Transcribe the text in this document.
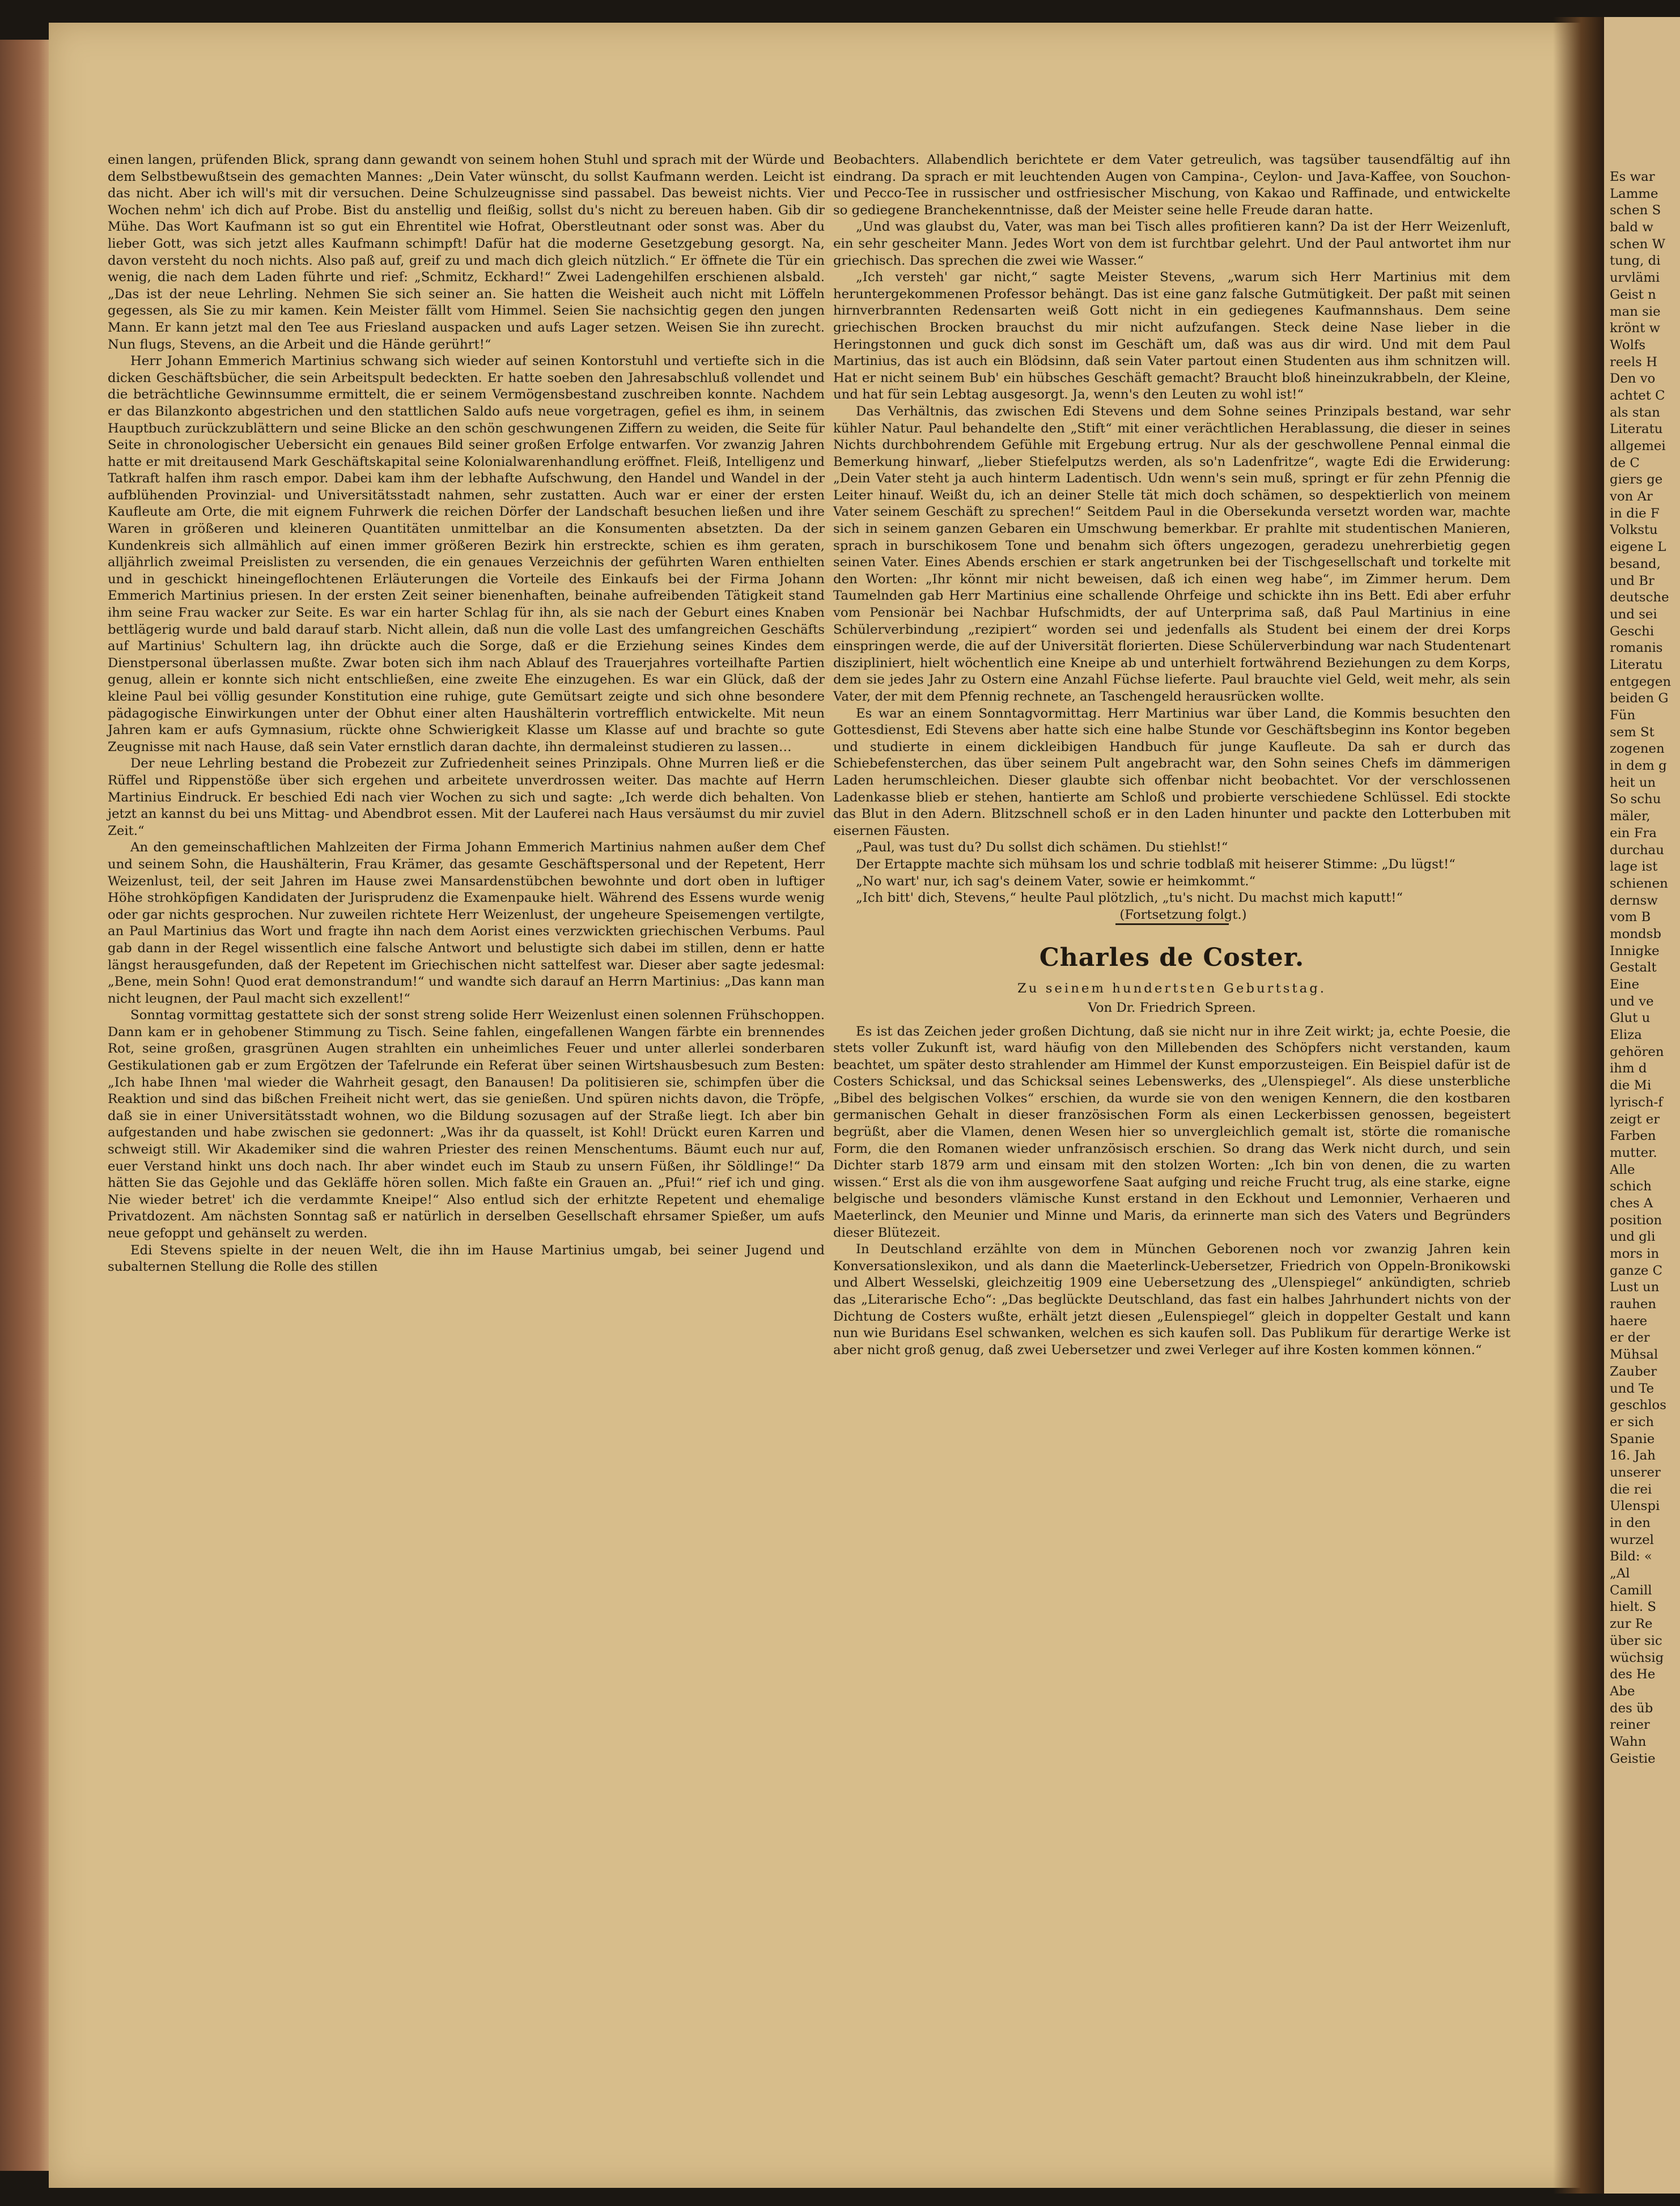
Es war
Lamme
schen S
bald w
schen W
tung, di
urvlämi
Geist n
man sie
krönt w
Wolfs
reels H
Den vo
achtet C
als stan
Literatu
allgemei
de C
giers ge
von Ar
in die F
Volkstu
eigene L
besand,
und Br
deutsche
und sei
Geschi
romanis
Literatu
entgegen
beiden G
Fün
sem St
zogenen
in dem g
heit un
So schu
mäler,
ein Fra
durchau
lage ist
schienen
dernsw
vom B
mondsb
Innigke
Gestalt
Eine
und ve
Glut u
Eliza
gehören
ihm d
die Mi
lyrisch-f
zeigt er
Farben
mutter.
Alle
schich
ches A
position
und gli
mors in
ganze C
Lust un
rauhen
haere
er der
Mühsal
Zauber
und Te
geschlos
er sich
Spanie
16. Jah
unserer
die rei
Ulenspi
in den
wurzel
Bild: «
„Al
Camill
hielt. S
zur Re
über sic
wüchsig
des He
Abe
des üb
reiner
Wahn
Geistie

einen langen, prüfenden Blick, sprang dann gewandt von seinem hohen Stuhl und sprach mit der Würde und dem Selbstbewußtsein des gemachten Mannes: „Dein Vater wünscht, du sollst Kaufmann werden. Leicht ist das nicht. Aber ich will's mit dir versuchen. Deine Schulzeugnisse sind passabel. Das beweist nichts. Vier Wochen nehm' ich dich auf Probe. Bist du anstellig und fleißig, sollst du's nicht zu bereuen haben. Gib dir Mühe. Das Wort Kaufmann ist so gut ein Ehrentitel wie Hofrat, Oberstleutnant oder sonst was. Aber du lieber Gott, was sich jetzt alles Kaufmann schimpft! Dafür hat die moderne Gesetzgebung gesorgt. Na, davon versteht du noch nichts. Also paß auf, greif zu und mach dich gleich nützlich.“ Er öffnete die Tür ein wenig, die nach dem Laden führte und rief: „Schmitz, Eckhard!“ Zwei Ladengehilfen erschienen alsbald. „Das ist der neue Lehrling. Nehmen Sie sich seiner an. Sie hatten die Weisheit auch nicht mit Löffeln gegessen, als Sie zu mir kamen. Kein Meister fällt vom Himmel. Seien Sie nachsichtig gegen den jungen Mann. Er kann jetzt mal den Tee aus Friesland auspacken und aufs Lager setzen. Weisen Sie ihn zurecht. Nun flugs, Stevens, an die Arbeit und die Hände gerührt!“

Herr Johann Emmerich Martinius schwang sich wieder auf seinen Kontorstuhl und vertiefte sich in die dicken Geschäftsbücher, die sein Arbeitspult bedeckten. Er hatte soeben den Jahresabschluß vollendet und die beträchtliche Gewinnsumme ermittelt, die er seinem Vermögensbestand zuschreiben konnte. Nachdem er das Bilanzkonto abgestrichen und den stattlichen Saldo aufs neue vorgetragen, gefiel es ihm, in seinem Hauptbuch zurückzublättern und seine Blicke an den schön geschwungenen Ziffern zu weiden, die Seite für Seite in chronologischer Uebersicht ein genaues Bild seiner großen Erfolge entwarfen. Vor zwanzig Jahren hatte er mit dreitausend Mark Geschäftskapital seine Kolonialwarenhandlung eröffnet. Fleiß, Intelligenz und Tatkraft halfen ihm rasch empor. Dabei kam ihm der lebhafte Aufschwung, den Handel und Wandel in der aufblühenden Provinzial- und Universitätsstadt nahmen, sehr zustatten. Auch war er einer der ersten Kaufleute am Orte, die mit eignem Fuhrwerk die reichen Dörfer der Landschaft besuchen ließen und ihre Waren in größeren und kleineren Quantitäten unmittelbar an die Konsumenten absetzten. Da der Kundenkreis sich allmählich auf einen immer größeren Bezirk hin erstreckte, schien es ihm geraten, alljährlich zweimal Preislisten zu versenden, die ein genaues Verzeichnis der geführten Waren enthielten und in geschickt hineingeflochtenen Erläuterungen die Vorteile des Einkaufs bei der Firma Johann Emmerich Martinius priesen. In der ersten Zeit seiner bienenhaften, beinahe aufreibenden Tätigkeit stand ihm seine Frau wacker zur Seite. Es war ein harter Schlag für ihn, als sie nach der Geburt eines Knaben bettlägerig wurde und bald darauf starb. Nicht allein, daß nun die volle Last des umfangreichen Geschäfts auf Martinius' Schultern lag, ihn drückte auch die Sorge, daß er die Erziehung seines Kindes dem Dienstpersonal überlassen mußte. Zwar boten sich ihm nach Ablauf des Trauerjahres vorteilhafte Partien genug, allein er konnte sich nicht entschließen, eine zweite Ehe einzugehen. Es war ein Glück, daß der kleine Paul bei völlig gesunder Konstitution eine ruhige, gute Gemütsart zeigte und sich ohne besondere pädagogische Einwirkungen unter der Obhut einer alten Haushälterin vortrefflich entwickelte. Mit neun Jahren kam er aufs Gymnasium, rückte ohne Schwierigkeit Klasse um Klasse auf und brachte so gute Zeugnisse mit nach Hause, daß sein Vater ernstlich daran dachte, ihn dermaleinst studieren zu lassen…

Der neue Lehrling bestand die Probezeit zur Zufriedenheit seines Prinzipals. Ohne Murren ließ er die Rüffel und Rippenstöße über sich ergehen und arbeitete unverdrossen weiter. Das machte auf Herrn Martinius Eindruck. Er beschied Edi nach vier Wochen zu sich und sagte: „Ich werde dich behalten. Von jetzt an kannst du bei uns Mittag- und Abendbrot essen. Mit der Lauferei nach Haus versäumst du mir zuviel Zeit.“

An den gemeinschaftlichen Mahlzeiten der Firma Johann Emmerich Martinius nahmen außer dem Chef und seinem Sohn, die Haushälterin, Frau Krämer, das gesamte Geschäftspersonal und der Repetent, Herr Weizenlust, teil, der seit Jahren im Hause zwei Mansardenstübchen bewohnte und dort oben in luftiger Höhe strohköpfigen Kandidaten der Jurisprudenz die Examenpauke hielt. Während des Essens wurde wenig oder gar nichts gesprochen. Nur zuweilen richtete Herr Weizenlust, der ungeheure Speisemengen vertilgte, an Paul Martinius das Wort und fragte ihn nach dem Aorist eines verzwickten griechischen Verbums. Paul gab dann in der Regel wissentlich eine falsche Antwort und belustigte sich dabei im stillen, denn er hatte längst herausgefunden, daß der Repetent im Griechischen nicht sattelfest war. Dieser aber sagte jedesmal: „Bene, mein Sohn! Quod erat demonstrandum!“ und wandte sich darauf an Herrn Martinius: „Das kann man nicht leugnen, der Paul macht sich exzellent!“

Sonntag vormittag gestattete sich der sonst streng solide Herr Weizenlust einen solennen Frühschoppen. Dann kam er in gehobener Stimmung zu Tisch. Seine fahlen, eingefallenen Wangen färbte ein brennendes Rot, seine großen, grasgrünen Augen strahlten ein unheimliches Feuer und unter allerlei sonderbaren Gestikulationen gab er zum Ergötzen der Tafelrunde ein Referat über seinen Wirtshausbesuch zum Besten: „Ich habe Ihnen 'mal wieder die Wahrheit gesagt, den Banausen! Da politisieren sie, schimpfen über die Reaktion und sind das bißchen Freiheit nicht wert, das sie genießen. Und spüren nichts davon, die Tröpfe, daß sie in einer Universitätsstadt wohnen, wo die Bildung sozusagen auf der Straße liegt. Ich aber bin aufgestanden und habe zwischen sie gedonnert: „Was ihr da quasselt, ist Kohl! Drückt euren Karren und schweigt still. Wir Akademiker sind die wahren Priester des reinen Menschentums. Bäumt euch nur auf, euer Verstand hinkt uns doch nach. Ihr aber windet euch im Staub zu unsern Füßen, ihr Söldlinge!“ Da hätten Sie das Gejohle und das Gekläffe hören sollen. Mich faßte ein Grauen an. „Pfui!“ rief ich und ging. Nie wieder betret' ich die verdammte Kneipe!“ Also entlud sich der erhitzte Repetent und ehemalige Privatdozent. Am nächsten Sonntag saß er natürlich in derselben Gesellschaft ehrsamer Spießer, um aufs neue gefoppt und gehänselt zu werden.

Edi Stevens spielte in der neuen Welt, die ihn im Hause Martinius umgab, bei seiner Jugend und subalternen Stellung die Rolle des stillen

Beobachters. Allabendlich berichtete er dem Vater getreulich, was tagsüber tausendfältig auf ihn eindrang. Da sprach er mit leuchtenden Augen von Campina-, Ceylon- und Java-Kaffee, von Souchon- und Pecco-Tee in russischer und ostfriesischer Mischung, von Kakao und Raffinade, und entwickelte so gediegene Branchekenntnisse, daß der Meister seine helle Freude daran hatte.

„Und was glaubst du, Vater, was man bei Tisch alles profitieren kann? Da ist der Herr Weizenluft, ein sehr gescheiter Mann. Jedes Wort von dem ist furchtbar gelehrt. Und der Paul antwortet ihm nur griechisch. Das sprechen die zwei wie Wasser.“

„Ich versteh' gar nicht,“ sagte Meister Stevens, „warum sich Herr Martinius mit dem heruntergekommenen Professor behängt. Das ist eine ganz falsche Gutmütigkeit. Der paßt mit seinen hirnverbrannten Redensarten weiß Gott nicht in ein gediegenes Kaufmannshaus. Dem seine griechischen Brocken brauchst du mir nicht aufzufangen. Steck deine Nase lieber in die Heringstonnen und guck dich sonst im Geschäft um, daß was aus dir wird. Und mit dem Paul Martinius, das ist auch ein Blödsinn, daß sein Vater partout einen Studenten aus ihm schnitzen will. Hat er nicht seinem Bub' ein hübsches Geschäft gemacht? Braucht bloß hineinzukrabbeln, der Kleine, und hat für sein Lebtag ausgesorgt. Ja, wenn's den Leuten zu wohl ist!“

Das Verhältnis, das zwischen Edi Stevens und dem Sohne seines Prinzipals bestand, war sehr kühler Natur. Paul behandelte den „Stift“ mit einer verächtlichen Herablassung, die dieser in seines Nichts durchbohrendem Gefühle mit Ergebung ertrug. Nur als der geschwollene Pennal einmal die Bemerkung hinwarf, „lieber Stiefelputzs werden, als so'n Ladenfritze“, wagte Edi die Erwiderung: „Dein Vater steht ja auch hinterm Ladentisch. Udn wenn's sein muß, springt er für zehn Pfennig die Leiter hinauf. Weißt du, ich an deiner Stelle tät mich doch schämen, so despektierlich von meinem Vater seinem Geschäft zu sprechen!“ Seitdem Paul in die Obersekunda versetzt worden war, machte sich in seinem ganzen Gebaren ein Umschwung bemerkbar. Er prahlte mit studentischen Manieren, sprach in burschikosem Tone und benahm sich öfters ungezogen, geradezu unehrerbietig gegen seinen Vater. Eines Abends erschien er stark angetrunken bei der Tischgesellschaft und torkelte mit den Worten: „Ihr könnt mir nicht beweisen, daß ich einen weg habe“, im Zimmer herum. Dem Taumelnden gab Herr Martinius eine schallende Ohrfeige und schickte ihn ins Bett. Edi aber erfuhr vom Pensionär bei Nachbar Hufschmidts, der auf Unterprima saß, daß Paul Martinius in eine Schülerverbindung „rezipiert“ worden sei und jedenfalls als Student bei einem der drei Korps einspringen werde, die auf der Universität florierten. Diese Schülerverbindung war nach Studentenart diszipliniert, hielt wöchentlich eine Kneipe ab und unterhielt fortwährend Beziehungen zu dem Korps, dem sie jedes Jahr zu Ostern eine Anzahl Füchse lieferte. Paul brauchte viel Geld, weit mehr, als sein Vater, der mit dem Pfennig rechnete, an Taschengeld herausrücken wollte.

Es war an einem Sonntagvormittag. Herr Martinius war über Land, die Kommis besuchten den Gottesdienst, Edi Stevens aber hatte sich eine halbe Stunde vor Geschäftsbeginn ins Kontor begeben und studierte in einem dickleibigen Handbuch für junge Kaufleute. Da sah er durch das Schiebefensterchen, das über seinem Pult angebracht war, den Sohn seines Chefs im dämmerigen Laden herumschleichen. Dieser glaubte sich offenbar nicht beobachtet. Vor der verschlossenen Ladenkasse blieb er stehen, hantierte am Schloß und probierte verschiedene Schlüssel. Edi stockte das Blut in den Adern. Blitzschnell schoß er in den Laden hinunter und packte den Lotterbuben mit eisernen Fäusten.

„Paul, was tust du? Du sollst dich schämen. Du stiehlst!“

Der Ertappte machte sich mühsam los und schrie todblaß mit heiserer Stimme: „Du lügst!“

„No wart' nur, ich sag's deinem Vater, sowie er heimkommt.“

„Ich bitt' dich, Stevens,“ heulte Paul plötzlich, „tu's nicht. Du machst mich kaputt!“

(Fortsetzung folgt.)

Charles de Coster.
Zu seinem hundertsten Geburtstag.
Von Dr. Friedrich Spreen.

Es ist das Zeichen jeder großen Dichtung, daß sie nicht nur in ihre Zeit wirkt; ja, echte Poesie, die stets voller Zukunft ist, ward häufig von den Millebenden des Schöpfers nicht verstanden, kaum beachtet, um später desto strahlender am Himmel der Kunst emporzusteigen. Ein Beispiel dafür ist de Costers Schicksal, und das Schicksal seines Lebenswerks, des „Ulenspiegel“. Als diese unsterbliche „Bibel des belgischen Volkes“ erschien, da wurde sie von den wenigen Kennern, die den kostbaren germanischen Gehalt in dieser französischen Form als einen Leckerbissen genossen, begeistert begrüßt, aber die Vlamen, denen Wesen hier so unvergleichlich gemalt ist, störte die romanische Form, die den Romanen wieder unfranzösisch erschien. So drang das Werk nicht durch, und sein Dichter starb 1879 arm und einsam mit den stolzen Worten: „Ich bin von denen, die zu warten wissen.“ Erst als die von ihm ausgeworfene Saat aufging und reiche Frucht trug, als eine starke, eigne belgische und besonders vlämische Kunst erstand in den Eckhout und Lemonnier, Verhaeren und Maeterlinck, den Meunier und Minne und Maris, da erinnerte man sich des Vaters und Begründers dieser Blütezeit.

In Deutschland erzählte von dem in München Geborenen noch vor zwanzig Jahren kein Konversationslexikon, und als dann die Maeterlinck-Uebersetzer, Friedrich von Oppeln-Bronikowski und Albert Wesselski, gleichzeitig 1909 eine Uebersetzung des „Ulenspiegel“ ankündigten, schrieb das „Literarische Echo“: „Das beglückte Deutschland, das fast ein halbes Jahrhundert nichts von der Dichtung de Costers wußte, erhält jetzt diesen „Eulenspiegel“ gleich in doppelter Gestalt und kann nun wie Buridans Esel schwanken, welchen es sich kaufen soll. Das Publikum für derartige Werke ist aber nicht groß genug, daß zwei Uebersetzer und zwei Verleger auf ihre Kosten kommen können.“
